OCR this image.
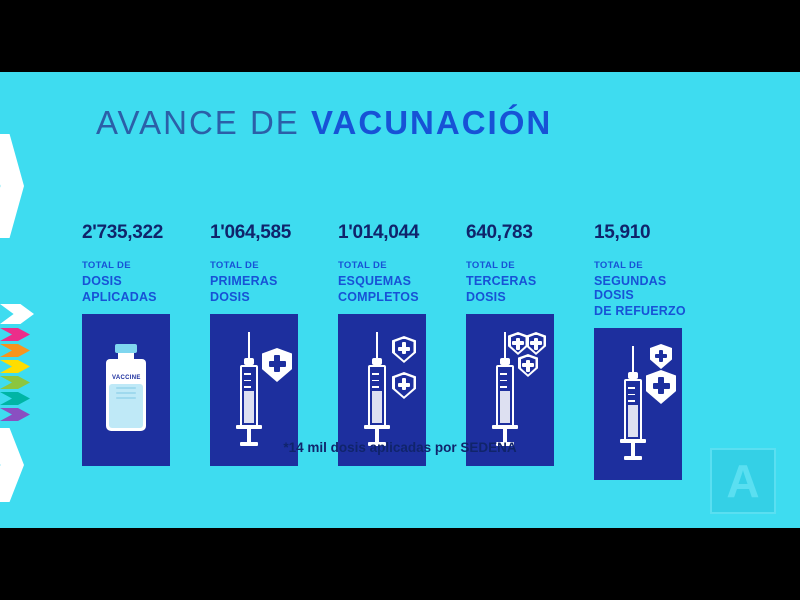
AVANCE DE VACUNACIÓN
2'735,322
TOTAL DE
DOSIS
APLICADAS
VACCINE
1'064,585
TOTAL DE
PRIMERAS
DOSIS
1'014,044
TOTAL DE
ESQUEMAS
COMPLETOS
640,783
TOTAL DE
TERCERAS
DOSIS
15,910
TOTAL DE
SEGUNDAS DOSIS
DE REFUERZO
*14 mil dosis aplicadas por SEDENA
A
